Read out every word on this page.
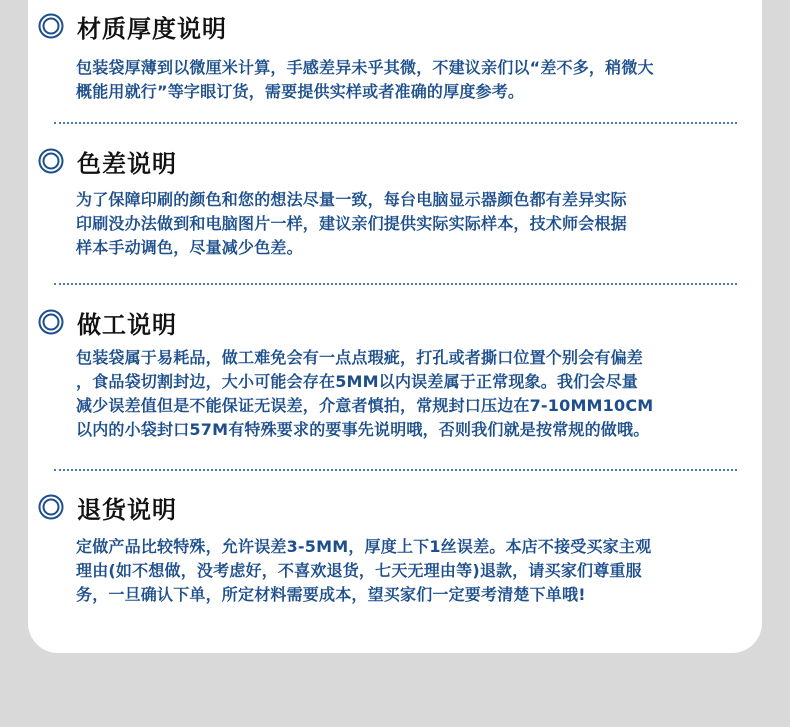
材质厚度说明
包装袋厚薄到以微厘米计算，手感差异未乎其微，不建议亲们以“差不多，稍微大
概能用就行”等字眼订货，需要提供实样或者准确的厚度参考。
色差说明
为了保障印刷的颜色和您的想法尽量一致，每台电脑显示器颜色都有差异实际
印刷没办法做到和电脑图片一样，建议亲们提供实际实际样本，技术师会根据
样本手动调色，尽量减少色差。
做工说明
包装袋属于易耗品，做工难免会有一点点瑕疵，打孔或者撕口位置个别会有偏差
，食品袋切割封边，大小可能会存在5MM以内误差属于正常现象。我们会尽量
减少误差值但是不能保证无误差，介意者慎拍，常规封口压边在7-10MM10CM
以内的小袋封口57M有特殊要求的要事先说明哦，否则我们就是按常规的做哦。
退货说明
定做产品比较特殊，允许误差3-5MM，厚度上下1丝误差。本店不接受买家主观
理由(如不想做，没考虑好，不喜欢退货，七天无理由等)退款，请买家们尊重服
务，一旦确认下单，所定材料需要成本，望买家们一定要考清楚下单哦!
